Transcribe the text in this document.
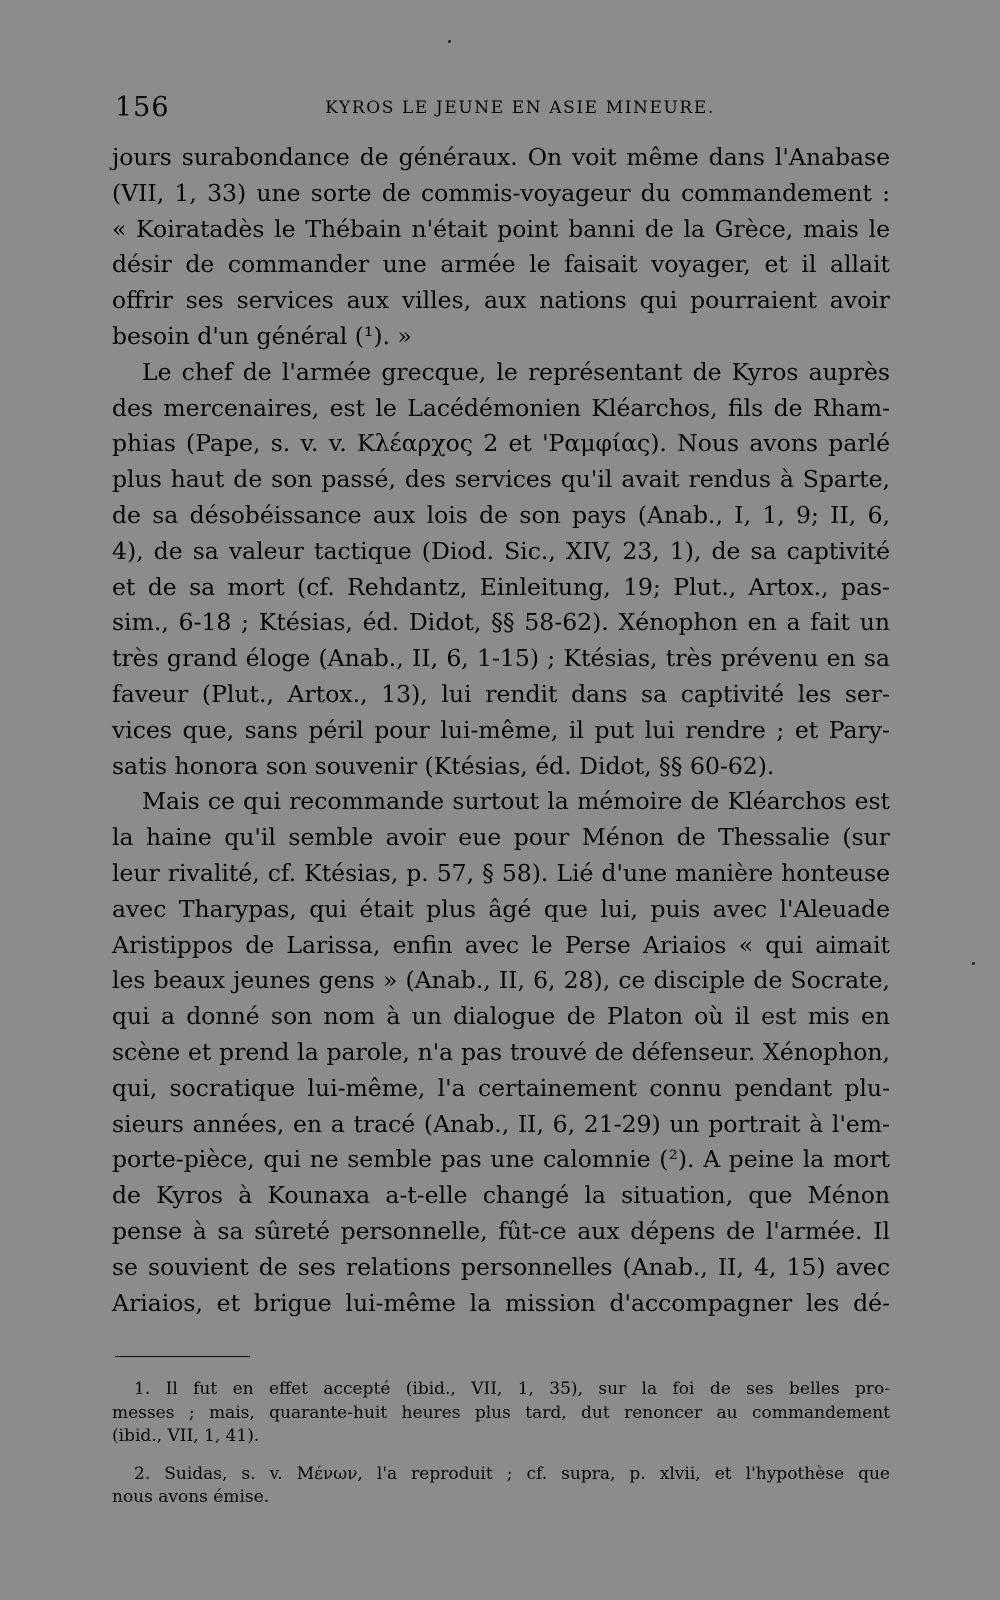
156	KYROS LE JEUNE EN ASIE MINEURE.
jours surabondance de généraux. On voit même dans l'Anabase
(VII, 1, 33) une sorte de commis-voyageur du commandement :
« Koiratadès le Thébain n'était point banni de la Grèce, mais le
désir de commander une armée le faisait voyager, et il allait
offrir ses services aux villes, aux nations qui pourraient avoir
besoin d'un général (¹). »
Le chef de l'armée grecque, le représentant de Kyros auprès
des mercenaires, est le Lacédémonien Kléarchos, fils de Rham-
phias (Pape, s. v. v. Κλέαρχος 2 et 'Ραμφίας). Nous avons parlé
plus haut de son passé, des services qu'il avait rendus à Sparte,
de sa désobéissance aux lois de son pays (Anab., I, 1, 9; II, 6,
4), de sa valeur tactique (Diod. Sic., XIV, 23, 1), de sa captivité
et de sa mort (cf. Rehdantz, Einleitung, 19; Plut., Artox., pas-
sim., 6-18 ; Ktésias, éd. Didot, §§ 58-62). Xénophon en a fait un
très grand éloge (Anab., II, 6, 1-15) ; Ktésias, très prévenu en sa
faveur (Plut., Artox., 13), lui rendit dans sa captivité les ser-
vices que, sans péril pour lui-même, il put lui rendre ; et Pary-
satis honora son souvenir (Ktésias, éd. Didot, §§ 60-62).
Mais ce qui recommande surtout la mémoire de Kléarchos est
la haine qu'il semble avoir eue pour Ménon de Thessalie (sur
leur rivalité, cf. Ktésias, p. 57, § 58). Lié d'une manière honteuse
avec Tharypas, qui était plus âgé que lui, puis avec l'Aleuade
Aristippos de Larissa, enfin avec le Perse Ariaios « qui aimait
les beaux jeunes gens » (Anab., II, 6, 28), ce disciple de Socrate,
qui a donné son nom à un dialogue de Platon où il est mis en
scène et prend la parole, n'a pas trouvé de défenseur. Xénophon,
qui, socratique lui-même, l'a certainement connu pendant plu-
sieurs années, en a tracé (Anab., II, 6, 21-29) un portrait à l'em-
porte-pièce, qui ne semble pas une calomnie (²). A peine la mort
de Kyros à Kounaxa a-t-elle changé la situation, que Ménon
pense à sa sûreté personnelle, fût-ce aux dépens de l'armée. Il
se souvient de ses relations personnelles (Anab., II, 4, 15) avec
Ariaios, et brigue lui-même la mission d'accompagner les dé-
1. Il fut en effet accepté (ibid., VII, 1, 35), sur la foi de ses belles pro-
messes ; mais, quarante-huit heures plus tard, dut renoncer au commandement
(ibid., VII, 1, 41).
2. Suidas, s. v. Μένων, l'a reproduit ; cf. supra, p. xlvii, et l'hypothèse que
nous avons émise.
